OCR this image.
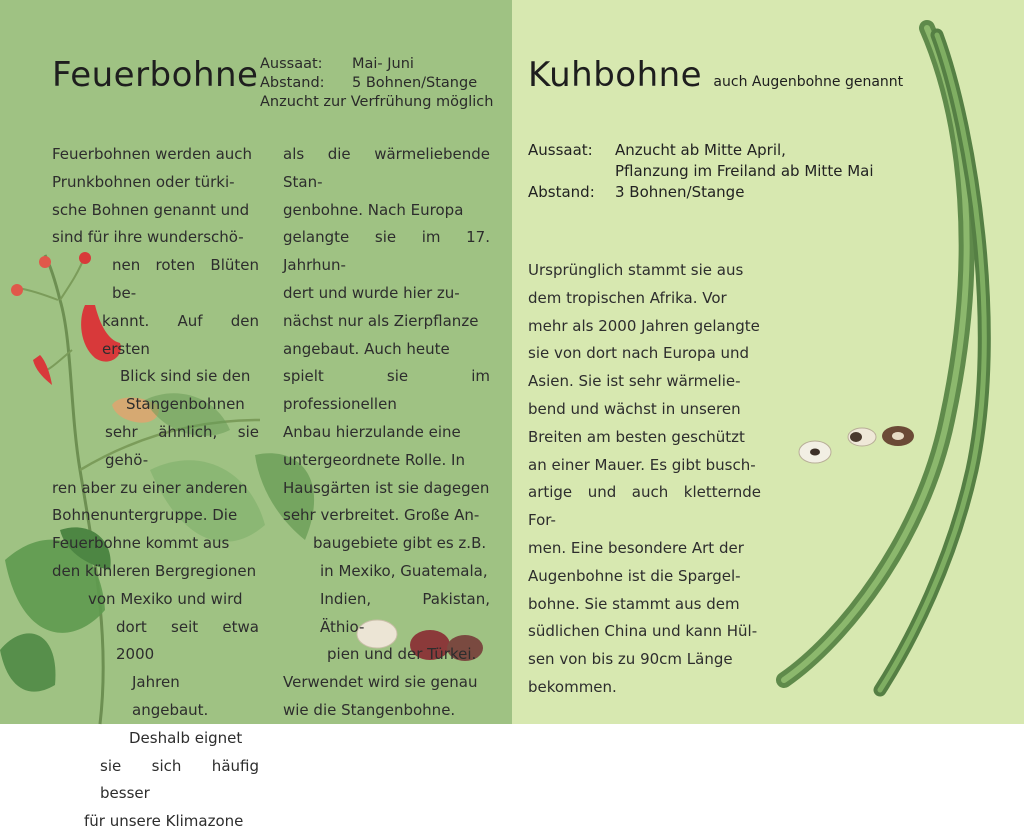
Feuerbohne Aussaat: Mai- Juni
Abstand: 5 Bohnen/Stange
Anzucht zur Verfrühung möglich

Feuerbohnen werden auch

Prunkbohnen oder türki-

sche Bohnen genannt und

sind für ihre wunderschö-

nen roten Blüten be-

kannt. Auf den ersten

Blick sind sie den

Stangenbohnen

sehr ähnlich, sie gehö-

ren aber zu einer anderen

Bohnenuntergruppe. Die

Feuerbohne kommt aus

den kühleren Bergregionen

von Mexiko und wird

dort seit etwa 2000

Jahren angebaut.

Deshalb eignet

sie sich häufig besser

für unsere Klimazone

als die wärmeliebende Stan-

genbohne. Nach Europa

gelangte sie im 17. Jahrhun-

dert und wurde hier zu-

nächst nur als Zierpflanze

angebaut. Auch heute

spielt sie im professionellen

Anbau hierzulande eine

untergeordnete Rolle. In

Hausgärten ist sie dagegen

sehr verbreitet. Große An-

baugebiete gibt es z.B.

in Mexiko, Guatemala,

Indien, Pakistan, Äthio-

pien und der Türkei.

Verwendet wird sie genau

wie die Stangenbohne.

Kuhbohne auch Augenbohne genannt
Aussaat: Anzucht ab Mitte April,
Pflanzung im Freiland ab Mitte Mai
Abstand: 3 Bohnen/Stange

Ursprünglich stammt sie aus

dem tropischen Afrika. Vor

mehr als 2000 Jahren gelangte

sie von dort nach Europa und

Asien. Sie ist sehr wärmelie-

bend und wächst in unseren

Breiten am besten geschützt

an einer Mauer. Es gibt busch-

artige und auch kletternde For-

men. Eine besondere Art der

Augenbohne ist die Spargel-

bohne. Sie stammt aus dem

südlichen China und kann Hül-

sen von bis zu 90cm Länge

bekommen.
